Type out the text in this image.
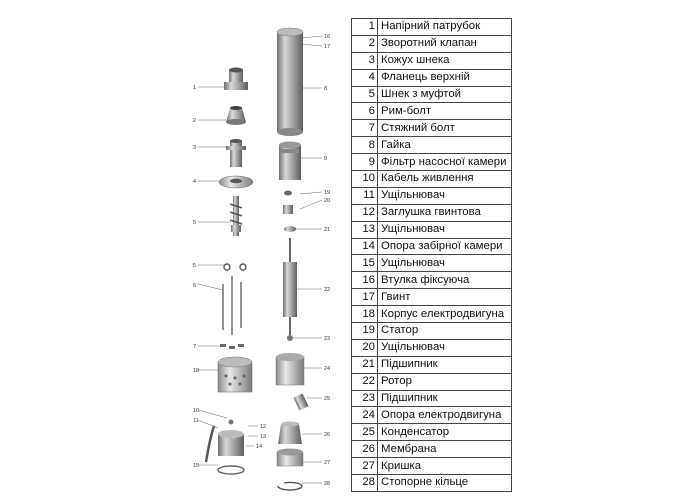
1
2
3
4
5
5
6
7
8
9
10
11
12
13
14
15
16
17
18
19
20
21
22
23
24
25
26
27
28
1	Напірний патрубок
2	Зворотний клапан
3	Кожух шнека
4	Фланець верхній
5	Шнек з муфтой
6	Рим-болт
7	Стяжний болт
8	Гайка
9	Фільтр насосної камери
10	Кабель живлення
11	Ущільнювач
12	Заглушка гвинтова
13	Ущільнювач
14	Опора забірної камери
15	Ущільнювач
16	Втулка фіксуюча
17	Гвинт
18	Корпус електродвигуна
19	Статор
20	Ущільнювач
21	Підшипник
22	Ротор
23	Підшипник
24	Опора електродвигуна
25	Конденсатор
26	Мембрана
27	Кришка
28	Стопорне кільце
